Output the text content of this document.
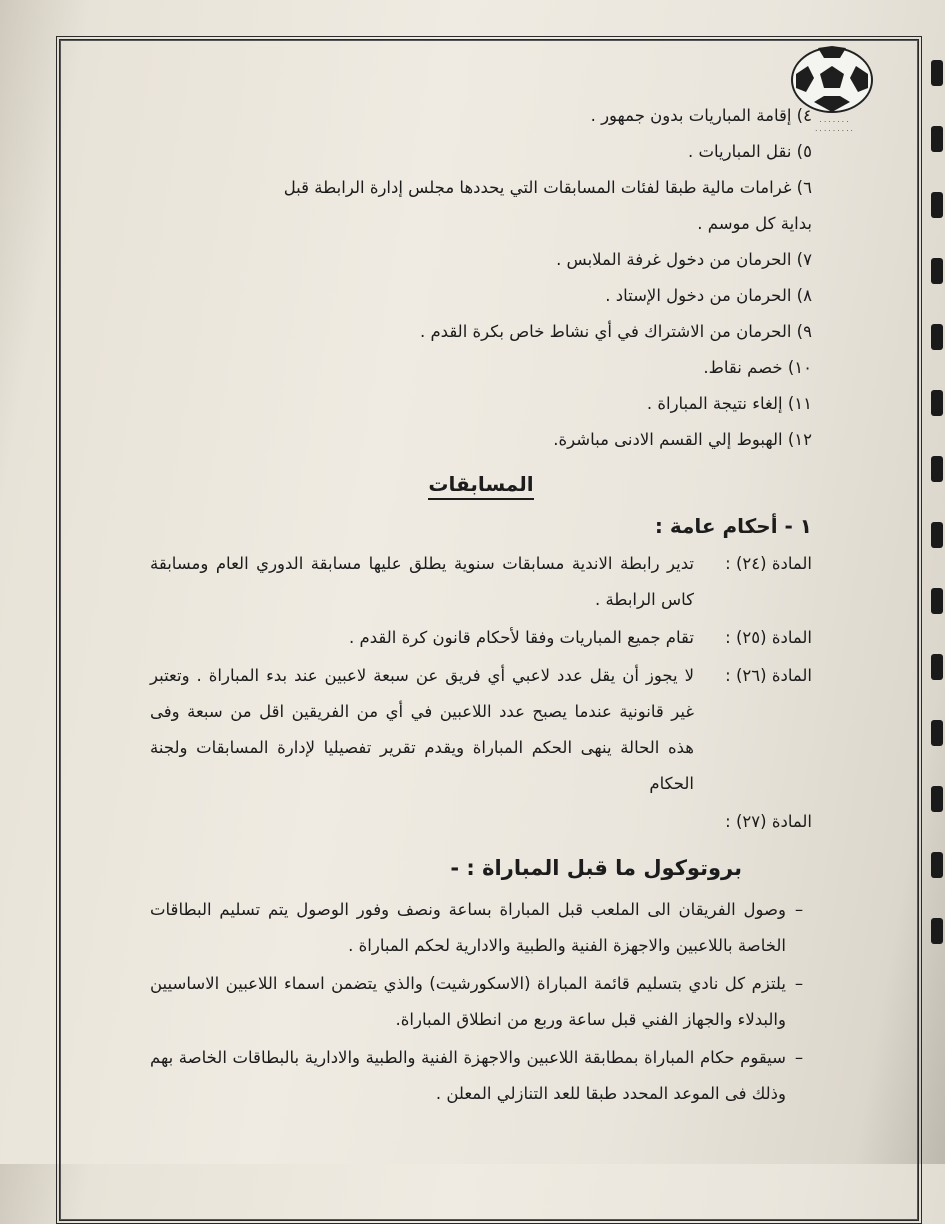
· · · · · · ·
· · · · · · · · ·
٤) إقامة المباريات بدون جمهور .
٥) نقل المباريات .
٦) غرامات مالية طبقا لفئات المسابقات التي يحددها مجلس إدارة الرابطة قبل
بداية كل موسم .
٧) الحرمان من دخول غرفة الملابس .
٨) الحرمان من دخول الإستاد .
٩) الحرمان من الاشتراك في أي نشاط خاص بكرة القدم .
١٠) خصم نقاط.
١١) إلغاء نتيجة المباراة .
١٢) الهبوط إلي القسم الادنى مباشرة.
المسابقات
١ - أحكام عامة :
المادة (٢٤) :
تدير رابطة الاندية مسابقات سنوية يطلق عليها مسابقة الدوري العام ومسابقة كاس الرابطة .
المادة (٢٥) :
تقام جميع المباريات وفقا لأحكام قانون كرة القدم .
المادة (٢٦) :
لا يجوز أن يقل عدد لاعبي أي فريق عن سبعة لاعبين عند بدء المباراة . وتعتبر غير قانونية عندما يصبح عدد اللاعبين في أي من الفريقين اقل من سبعة وفى هذه الحالة ينهى الحكم المباراة ويقدم تقرير تفصيليا لإدارة المسابقات ولجنة الحكام
المادة (٢٧) :
بروتوكول ما قبل المباراة : -
–
وصول الفريقان الى الملعب قبل المباراة بساعة ونصف وفور الوصول يتم تسليم البطاقات الخاصة باللاعبين والاجهزة الفنية والطبية والادارية لحكم المباراة .
–
يلتزم كل نادي بتسليم قائمة المباراة (الاسكورشيت) والذي يتضمن اسماء اللاعبين الاساسيين والبدلاء والجهاز الفني قبل ساعة وربع من انطلاق المباراة.
–
سيقوم حكام المباراة بمطابقة اللاعبين والاجهزة الفنية والطبية والادارية بالبطاقات الخاصة بهم وذلك فى الموعد المحدد طبقا للعد التنازلي المعلن .
